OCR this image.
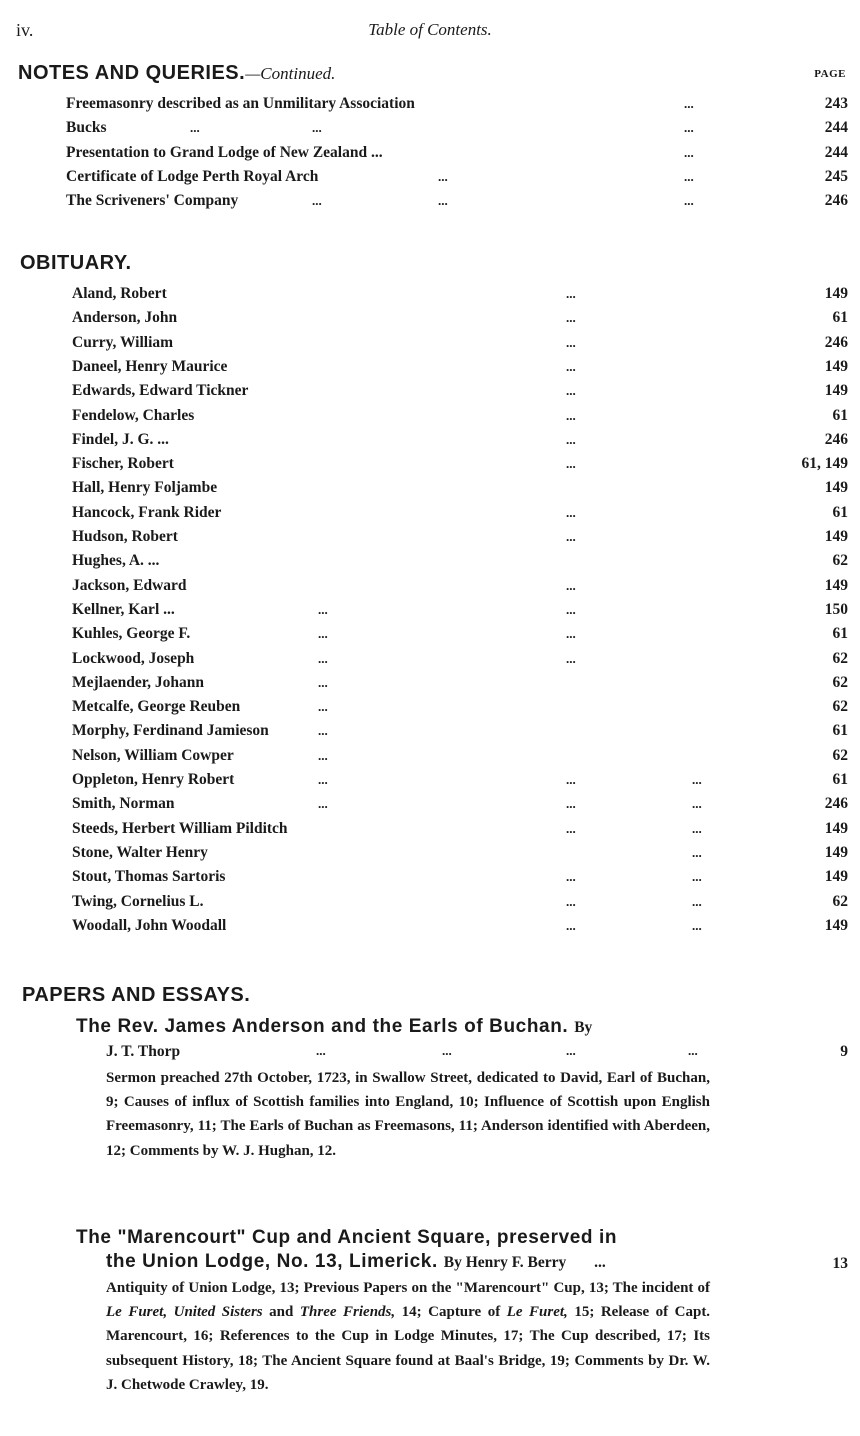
iv.	Table of Contents.
NOTES AND QUERIES.—Continued.	PAGE
Freemasonry described as an Unmilitary Association	...	243
Bucks	...	...	...	244
Presentation to Grand Lodge of New Zealand ...	...	244
Certificate of Lodge Perth Royal Arch	...	...	245
The Scriveners' Company	...	...	...	246
OBITUARY.
Aland, Robert	...	149
Anderson, John	...	61
Curry, William	...	246
Daneel, Henry Maurice	...	149
Edwards, Edward Tickner	...	149
Fendelow, Charles	...	61
Findel, J. G. ...	...	246
Fischer, Robert	...	61, 149
Hall, Henry Foljambe	149
Hancock, Frank Rider	...	61
Hudson, Robert	...	149
Hughes, A. ...	62
Jackson, Edward	...	149
Kellner, Karl ...	...	...	150
Kuhles, George F.	...	...	61
Lockwood, Joseph	...	...	62
Mejlaender, Johann	...	62
Metcalfe, George Reuben	...	62
Morphy, Ferdinand Jamieson	...	61
Nelson, William Cowper	...	62
Oppleton, Henry Robert	...	...	...	61
Smith, Norman	...	...	...	246
Steeds, Herbert William Pilditch	...	...	149
Stone, Walter Henry	...	149
Stout, Thomas Sartoris	...	...	149
Twing, Cornelius L.	...	...	62
Woodall, John Woodall	...	...	149
PAPERS AND ESSAYS.
The Rev. James Anderson and the Earls of Buchan. By
J. T. Thorp	...	...	...	...	9
Sermon preached 27th October, 1723, in Swallow Street, dedicated to David, Earl of Buchan, 9; Causes of influx of Scottish families into England, 10; Influence of Scottish upon English Freemasonry, 11; The Earls of Buchan as Freemasons, 11; Anderson identified with Aberdeen, 12; Comments by W. J. Hughan, 12.
The "Marencourt" Cup and Ancient Square, preserved in
the Union Lodge, No. 13, Limerick. By Henry F. Berry ...	13
Antiquity of Union Lodge, 13; Previous Papers on the "Marencourt" Cup, 13; The incident of Le Furet, United Sisters and Three Friends, 14; Capture of Le Furet, 15; Release of Capt. Marencourt, 16; References to the Cup in Lodge Minutes, 17; The Cup described, 17; Its subsequent History, 18; The Ancient Square found at Baal's Bridge, 19; Comments by Dr. W. J. Chetwode Crawley, 19.
